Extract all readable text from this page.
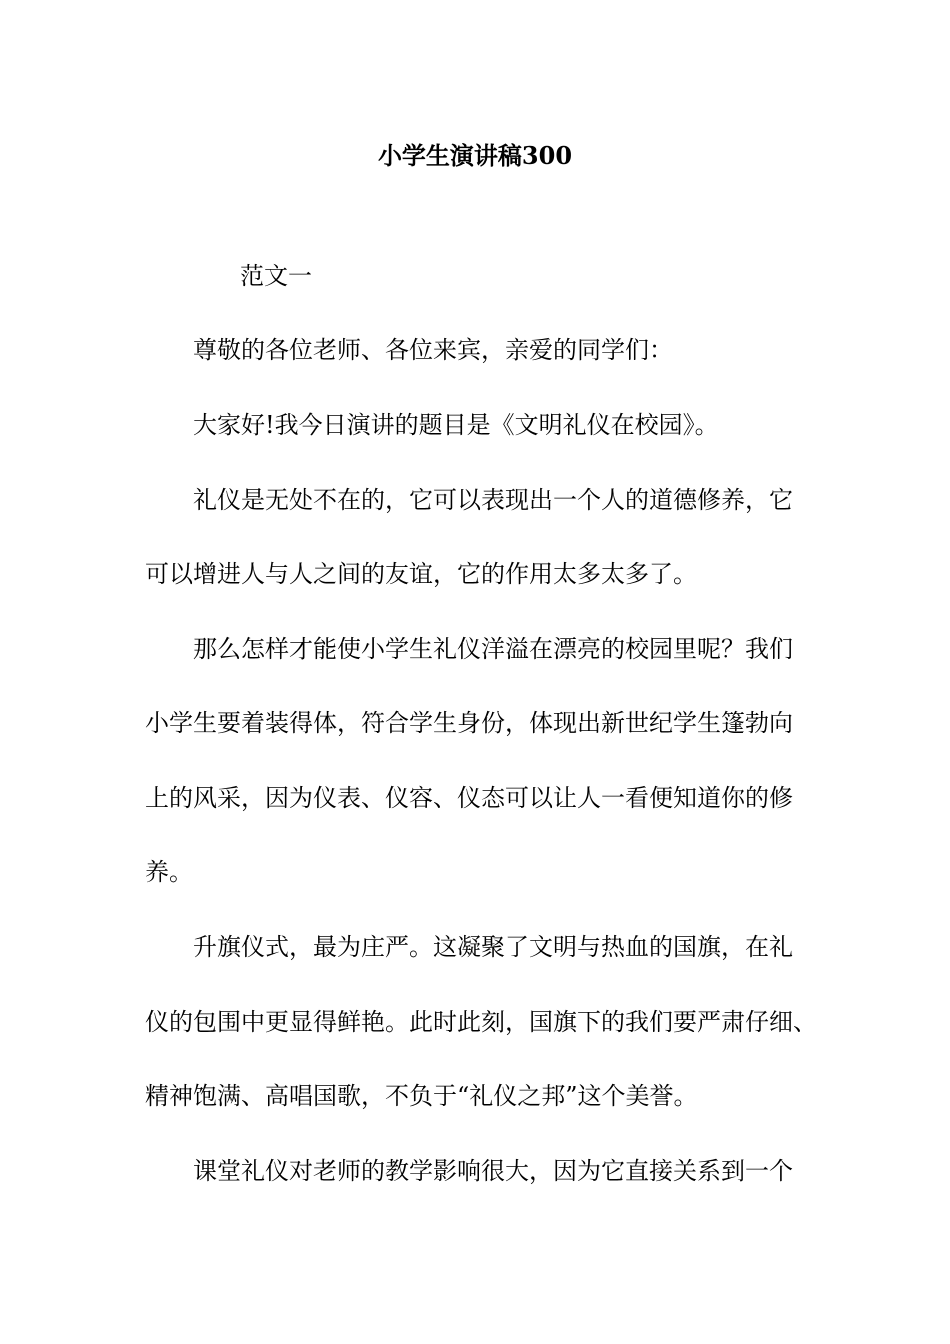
小学生演讲稿300
范文一
尊敬的各位老师、各位来宾，亲爱的同学们：
大家好!我今日演讲的题目是《文明礼仪在校园》。
礼仪是无处不在的，它可以表现出一个人的道德修养，它
可以增进人与人之间的友谊，它的作用太多太多了。
那么怎样才能使小学生礼仪洋溢在漂亮的校园里呢？我们
小学生要着装得体，符合学生身份，体现出新世纪学生篷勃向
上的风采，因为仪表、仪容、仪态可以让人一看便知道你的修
养。
升旗仪式，最为庄严。这凝聚了文明与热血的国旗，在礼
仪的包围中更显得鲜艳。此时此刻，国旗下的我们要严肃仔细、
精神饱满、高唱国歌，不负于“礼仪之邦”这个美誉。
课堂礼仪对老师的教学影响很大，因为它直接关系到一个
